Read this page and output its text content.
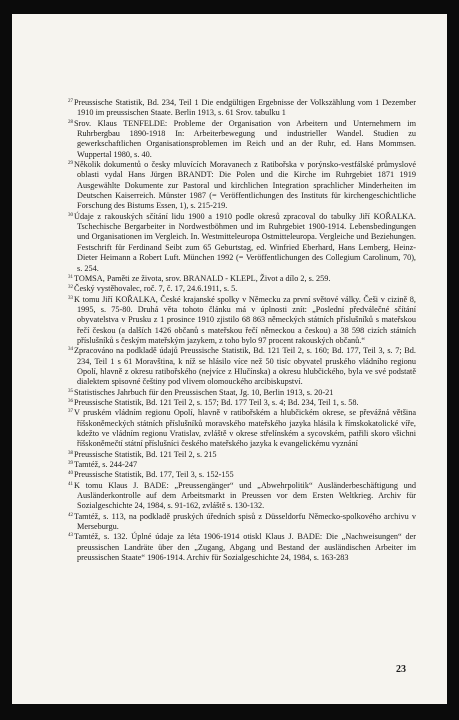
$^{27}$Preussische Statistik, Bd. 234, Teil 1 Die endgültigen Ergebnisse der Volkszählung vom 1 Dezember 1910 im preussischen Staate. Berlin 1913, s. 61 Srov. tabulku 1

$^{28}$Srov. Klaus TENFELDE: Probleme der Organisation von Arbeitern und Unternehmern im Ruhrbergbau 1890-1918 In: Arbeiterbewegung und industrieller Wandel. Studien zu gewerkschaftlichen Organisationsproblemen im Reich und an der Ruhr, ed. Hans Mommsen. Wuppertal 1980, s. 40.

$^{29}$Několik dokumentů o česky mluvících Moravanech z Ratibořska v porýnsko-vestfálské průmyslové oblasti vydal Hans Jürgen BRANDT: Die Polen und die Kirche im Ruhrgebiet 1871 1919 Ausgewählte Dokumente zur Pastoral und kirchlichen Integration sprachlicher Minderheiten im Deutschen Kaiserreich. Münster 1987 (= Veröffentlichungen des Instituts für kirchengeschichtliche Forschung des Bistums Essen, 1), s. 215-219.

$^{30}$Údaje z rakouských sčítání lidu 1900 a 1910 podle okresů zpracoval do tabulky Jiří KOŘALKA. Tschechische Bergarbeiter in Nordwestböhmen und im Ruhrgebiet 1900-1914. Lebensbedingungen und Organisationen im Vergleich. In. Westmitteleuropa Ostmitteleuropa. Vergleiche und Beziehungen. Festschrift für Ferdinand Seibt zum 65 Geburtstag, ed. Winfried Eberhard, Hans Lemberg, Heinz-Dieter Heimann a Robert Luft. München 1992 (= Veröffentlichungen des Collegium Carolinum, 70), s. 254.

$^{31}$TOMSA, Paměti ze života, srov. BRANALD - KLEPL, Život a dílo 2, s. 259.

$^{32}$Český vystěhovalec, roč. 7, č. 17, 24.6.1911, s. 5.

$^{33}$K tomu Jiří KOŘALKA, České krajanské spolky v Německu za první světové války. Češi v cizině 8, 1995, s. 75-80. Druhá věta tohoto článku má v úplnosti znít: „Poslední předválečné sčítání obyvatelstva v Prusku z 1 prosince 1910 zjistilo 68 863 německých státních příslušníků s mateřskou řečí českou (a dalších 1426 občanů s mateřskou řečí německou a českou) a 38 598 cizích státních příslušníků s českým mateřským jazykem, z toho bylo 97 procent rakouských občanů.“

$^{34}$Zpracováno na podkladě údajů Preussische Statistik, Bd. 121 Teil 2, s. 160; Bd. 177, Teil 3, s. 7; Bd. 234, Teil 1 s 61 Moravština, k níž se hlásilo více než 50 tisíc obyvatel pruského vládního regionu Opolí, hlavně z okresu ratibořského (nejvíce z Hlučínska) a okresu hlubčického, byla ve své podstatě dialektem spisovné češtiny pod vlivem olomouckého arcibiskupství.

$^{35}$Statistisches Jahrbuch für den Preussischen Staat, Jg. 10, Berlin 1913, s. 20-21

$^{36}$Preussische Statistik, Bd. 121 Teil 2, s. 157; Bd. 177 Teil 3, s. 4; Bd. 234, Teil 1, s. 58.

$^{37}$V pruském vládním regionu Opolí, hlavně v ratibořském a hlubčickém okrese, se převážná většina říšskoněmeckých státních příslušníků moravského mateřského jazyka hlásila k římskokatolické víře, kdežto ve vládním regionu Vratislav, zvláště v okrese střelínském a sycovském, patřili skoro všichni říšskoněmečtí státní příslušníci českého mateřského jazyka k evangelickému vyznání

$^{38}$Preussische Statistik, Bd. 121 Teil 2, s. 215

$^{39}$Tamtéž, s. 244-247

$^{40}$Preussische Statistik, Bd. 177, Teil 3, s. 152-155

$^{41}$K tomu Klaus J. BADE: „Preussengänger“ und „Abwehrpolitik“ Ausländerbeschäftigung und Ausländerkontrolle auf dem Arbeitsmarkt in Preussen vor dem Ersten Weltkrieg. Archiv für Sozialgeschichte 24, 1984, s. 91-162, zvláště s. 130-132.

$^{42}$Tamtéž, s. 113, na podkladě pruských úředních spisů z Düsseldorfu Německo-spolkového archivu v Merseburgu.

$^{43}$Tamtéž, s. 132. Úplné údaje za léta 1906-1914 otiskl Klaus J. BADE: Die „Nachweisungen“ der preussischen Landräte über den „Zugang, Abgang und Bestand der ausländischen Arbeiter im preussischen Staate“ 1906-1914. Archiv für Sozialgeschichte 24, 1984, s. 163-283

23
